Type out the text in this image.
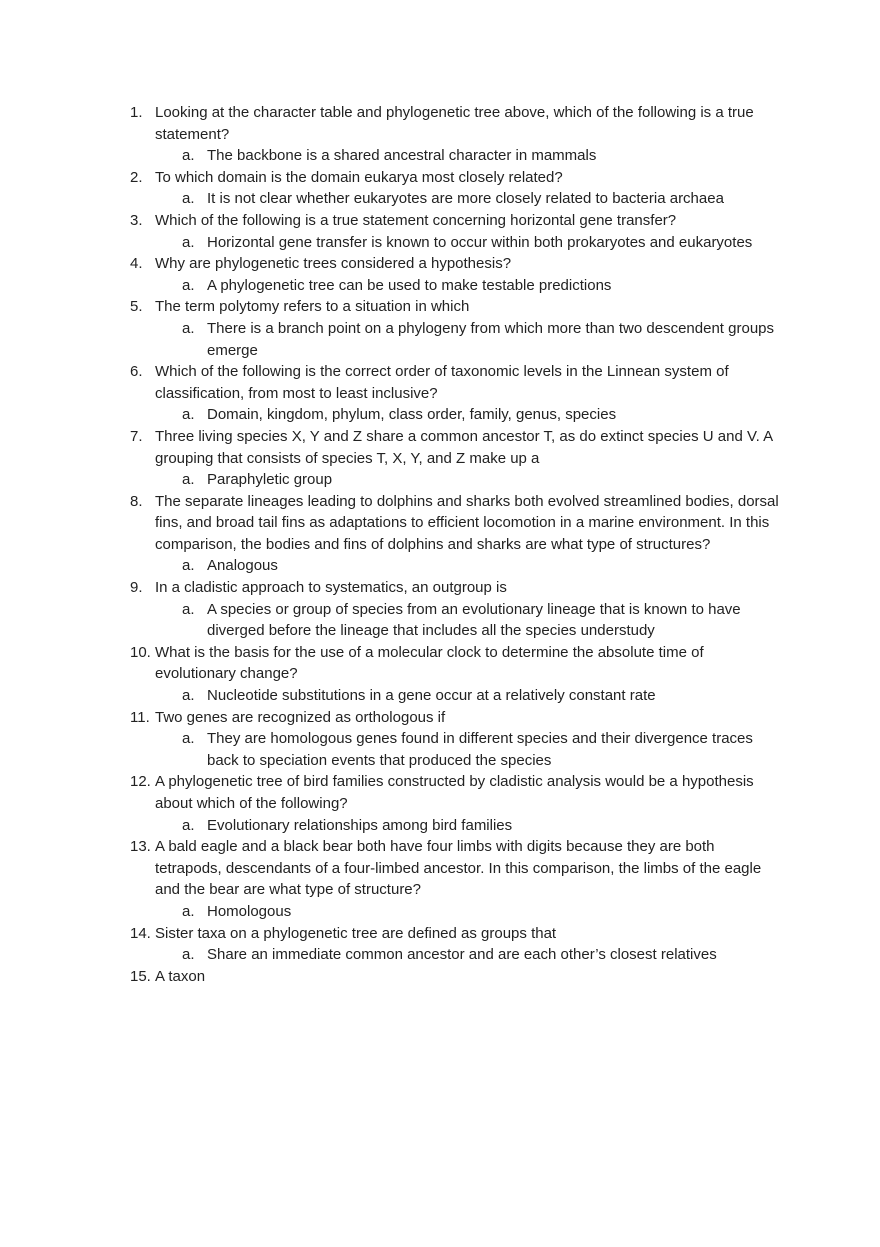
1. Looking at the character table and phylogenetic tree above, which of the following is a true statement?
a. The backbone is a shared ancestral character in mammals
2. To which domain is the domain eukarya most closely related?
a. It is not clear whether eukaryotes are more closely related to bacteria archaea
3. Which of the following is a true statement concerning horizontal gene transfer?
a. Horizontal gene transfer is known to occur within both prokaryotes and eukaryotes
4. Why are phylogenetic trees considered a hypothesis?
a. A phylogenetic tree can be used to make testable predictions
5. The term polytomy refers to a situation in which
a. There is a branch point on a phylogeny from which more than two descendent groups emerge
6. Which of the following is the correct order of taxonomic levels in the Linnean system of classification, from most to least inclusive?
a. Domain, kingdom, phylum, class order, family, genus, species
7. Three living species X, Y and Z share a common ancestor T, as do extinct species U and V. A grouping that consists of species T, X, Y, and Z make up a
a. Paraphyletic group
8. The separate lineages leading to dolphins and sharks both evolved streamlined bodies, dorsal fins, and broad tail fins as adaptations to efficient locomotion in a marine environment. In this comparison, the bodies and fins of dolphins and sharks are what type of structures?
a. Analogous
9. In a cladistic approach to systematics, an outgroup is
a. A species or group of species from an evolutionary lineage that is known to have diverged before the lineage that includes all the species understudy
10. What is the basis for the use of a molecular clock to determine the absolute time of evolutionary change?
a. Nucleotide substitutions in a gene occur at a relatively constant rate
11. Two genes are recognized as orthologous if
a. They are homologous genes found in different species and their divergence traces back to speciation events that produced the species
12. A phylogenetic tree of bird families constructed by cladistic analysis would be a hypothesis about which of the following?
a. Evolutionary relationships among bird families
13. A bald eagle and a black bear both have four limbs with digits because they are both tetrapods, descendants of a four-limbed ancestor. In this comparison, the limbs of the eagle and the bear are what type of structure?
a. Homologous
14. Sister taxa on a phylogenetic tree are defined as groups that
a. Share an immediate common ancestor and are each other’s closest relatives
15. A taxon
